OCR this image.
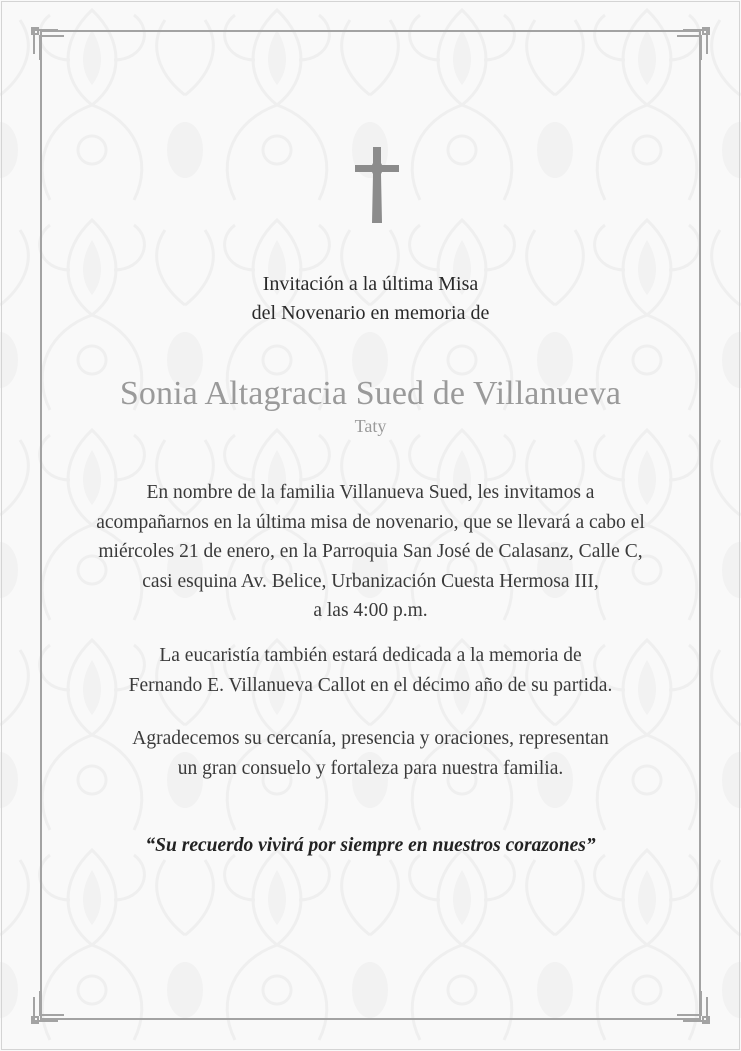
Invitación a la última Misa
del Novenario en memoria de
Sonia Altagracia Sued de Villanueva
Taty
En nombre de la familia Villanueva Sued, les invitamos a
acompañarnos en la última misa de novenario, que se llevará a cabo el
miércoles 21 de enero, en la Parroquia San José de Calasanz, Calle C,
casi esquina Av. Belice, Urbanización Cuesta Hermosa III,
a las 4:00 p.m.
La eucaristía también estará dedicada a la memoria de
Fernando E. Villanueva Callot en el décimo año de su partida.
Agradecemos su cercanía, presencia y oraciones, representan
un gran consuelo y fortaleza para nuestra familia.
“Su recuerdo vivirá por siempre en nuestros corazones”
